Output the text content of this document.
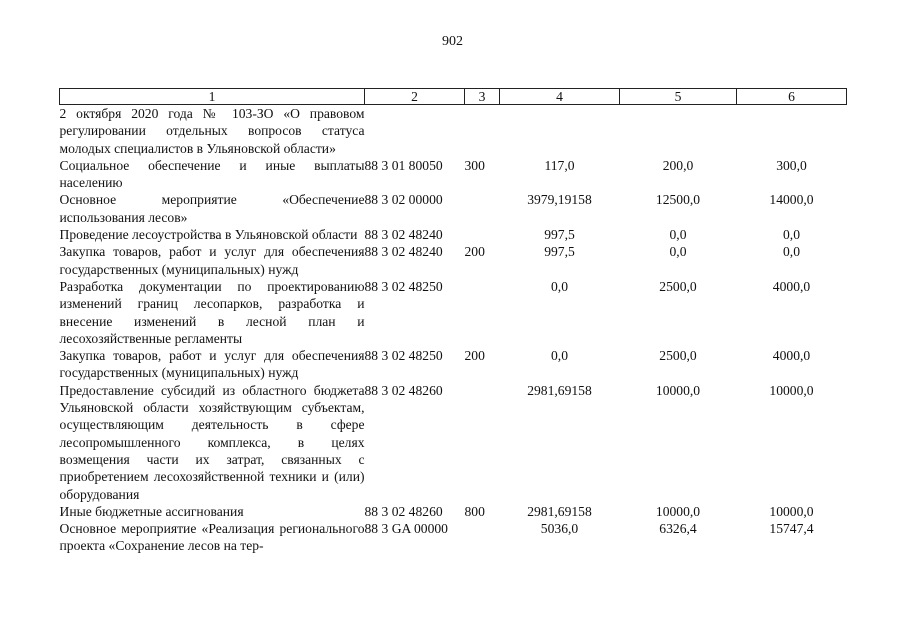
902
1	2	3	4	5	6
2 октября 2020 года № 103-ЗО «О правовом регулировании отдельных вопросов статуса молодых специалистов в Ульяновской области»					
Социальное обеспечение и иные выплаты населению	88 3 01 80050	300	117,0	200,0	300,0
Основное мероприятие «Обеспечение использования лесов»	88 3 02 00000		3979,19158	12500,0	14000,0
Проведение лесоустройства в Ульяновской области	88 3 02 48240		997,5	0,0	0,0
Закупка товаров, работ и услуг для обеспечения государственных (муниципальных) нужд	88 3 02 48240	200	997,5	0,0	0,0
Разработка документации по проектированию изменений границ лесопарков, разработка и внесение изменений в лесной план и лесохозяйственные регламенты	88 3 02 48250		0,0	2500,0	4000,0
Закупка товаров, работ и услуг для обеспечения государственных (муниципальных) нужд	88 3 02 48250	200	0,0	2500,0	4000,0
Предоставление субсидий из областного бюджета Ульяновской области хозяйствующим субъектам, осуществляющим деятельность в сфере лесопромышленного комплекса, в целях возмещения части их затрат, связанных с приобретением лесохозяйственной техники и (или) оборудования	88 3 02 48260		2981,69158	10000,0	10000,0
Иные бюджетные ассигнования	88 3 02 48260	800	2981,69158	10000,0	10000,0
Основное мероприятие «Реализация регионального проекта «Сохранение лесов на тер-	88 3 GA 00000		5036,0	6326,4	15747,4
